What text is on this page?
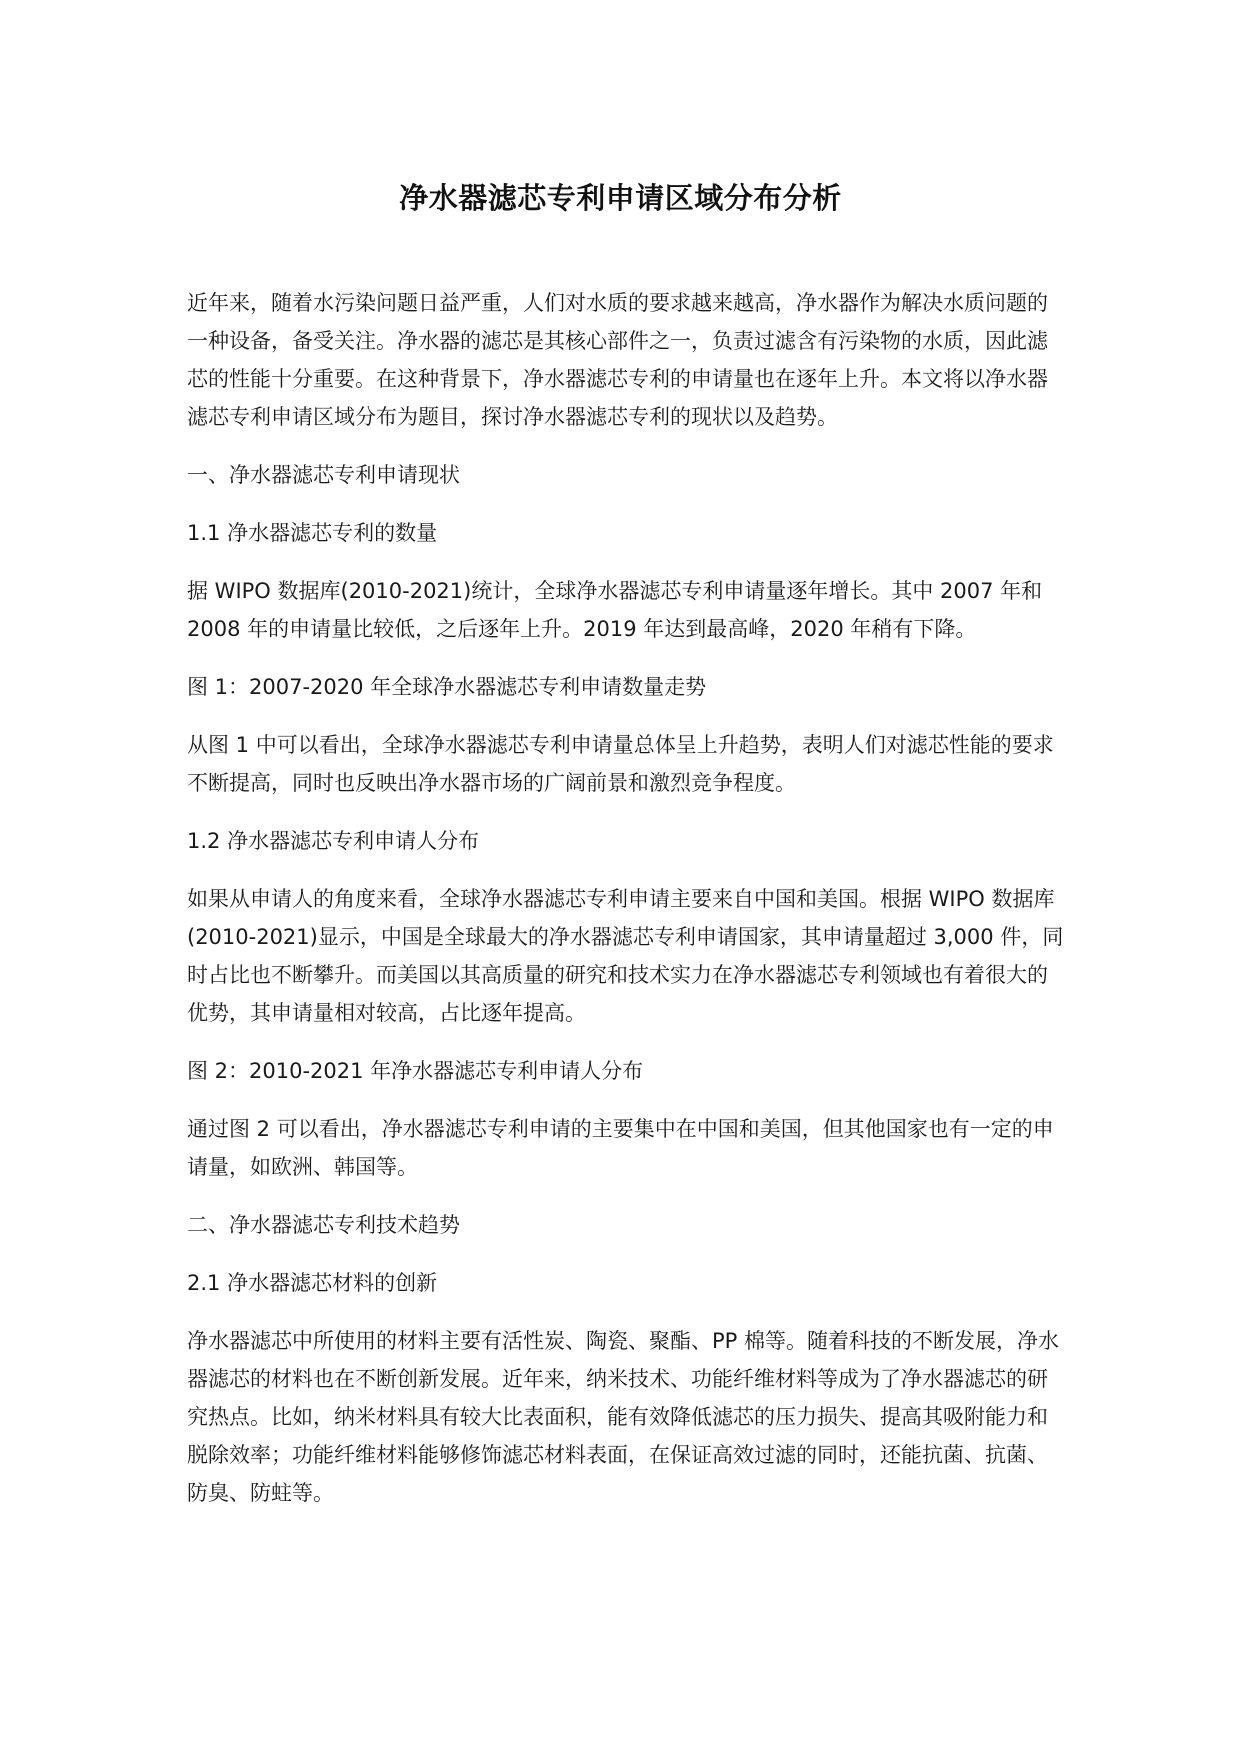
净水器滤芯专利申请区域分布分析

近年来，随着水污染问题日益严重，人们对水质的要求越来越高，净水器作为解决水质问题的一种设备，备受关注。净水器的滤芯是其核心部件之一，负责过滤含有污染物的水质，因此滤芯的性能十分重要。在这种背景下，净水器滤芯专利的申请量也在逐年上升。本文将以净水器滤芯专利申请区域分布为题目，探讨净水器滤芯专利的现状以及趋势。

一、净水器滤芯专利申请现状

1.1 净水器滤芯专利的数量

据 WIPO 数据库(2010-2021)统计，全球净水器滤芯专利申请量逐年增长。其中 2007 年和 2008 年的申请量比较低，之后逐年上升。2019 年达到最高峰，2020 年稍有下降。

图 1：2007-2020 年全球净水器滤芯专利申请数量走势

从图 1 中可以看出，全球净水器滤芯专利申请量总体呈上升趋势，表明人们对滤芯性能的要求不断提高，同时也反映出净水器市场的广阔前景和激烈竞争程度。

1.2 净水器滤芯专利申请人分布

如果从申请人的角度来看，全球净水器滤芯专利申请主要来自中国和美国。根据 WIPO 数据库(2010-2021)显示，中国是全球最大的净水器滤芯专利申请国家，其申请量超过 3,000 件，同时占比也不断攀升。而美国以其高质量的研究和技术实力在净水器滤芯专利领域也有着很大的优势，其申请量相对较高，占比逐年提高。

图 2：2010-2021 年净水器滤芯专利申请人分布

通过图 2 可以看出，净水器滤芯专利申请的主要集中在中国和美国，但其他国家也有一定的申请量，如欧洲、韩国等。

二、净水器滤芯专利技术趋势

2.1 净水器滤芯材料的创新

净水器滤芯中所使用的材料主要有活性炭、陶瓷、聚酯、PP 棉等。随着科技的不断发展，净水器滤芯的材料也在不断创新发展。近年来，纳米技术、功能纤维材料等成为了净水器滤芯的研究热点。比如，纳米材料具有较大比表面积，能有效降低滤芯的压力损失、提高其吸附能力和脱除效率；功能纤维材料能够修饰滤芯材料表面，在保证高效过滤的同时，还能抗菌、抗菌、防臭、防蛀等。
